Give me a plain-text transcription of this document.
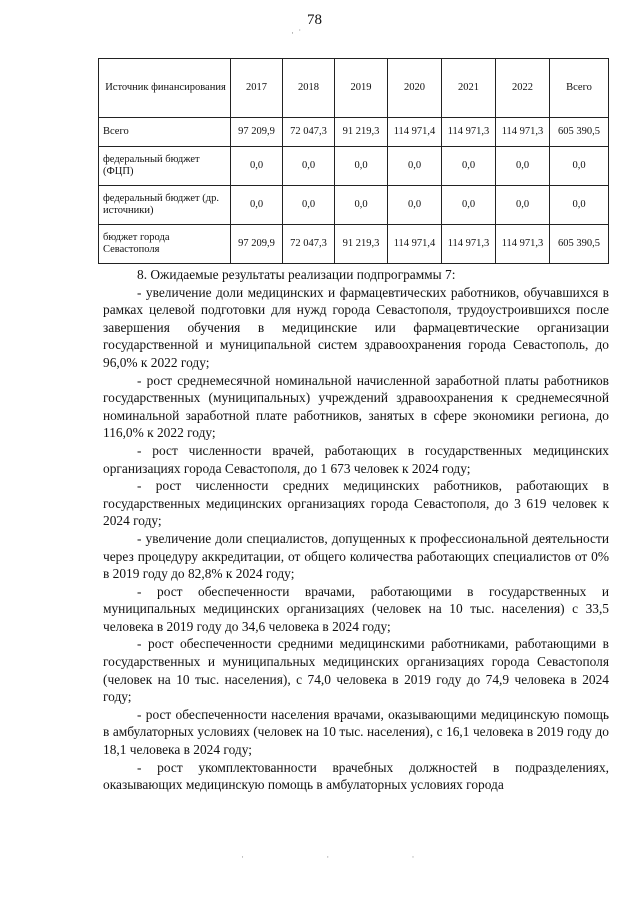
78
· ˙
Источник финансирования	2017	2018	2019	2020	2021	2022	Всего
Всего	97 209,9	72 047,3	91 219,3	114 971,4	114 971,3	114 971,3	605 390,5
федеральный бюджет (ФЦП)	0,0	0,0	0,0	0,0	0,0	0,0	0,0
федеральный бюджет (др. источники)	0,0	0,0	0,0	0,0	0,0	0,0	0,0
бюджет города Севастополя	97 209,9	72 047,3	91 219,3	114 971,4	114 971,3	114 971,3	605 390,5

8. Ожидаемые результаты реализации подпрограммы 7:

- увеличение доли медицинских и фармацевтических работников, обучавшихся в рамках целевой подготовки для нужд города Севастополя, трудоустроившихся после завершения обучения в медицинские или фармацевтические организации государственной и муниципальной систем здравоохранения города Севастополь, до 96,0% к 2022 году;

- рост среднемесячной номинальной начисленной заработной платы работников государственных (муниципальных) учреждений здравоохранения к среднемесячной номинальной заработной плате работников, занятых в сфере экономики региона, до 116,0% к 2022 году;

- рост численности врачей, работающих в государственных медицинских организациях города Севастополя, до 1 673 человек к 2024 году;

- рост численности средних медицинских работников, работающих в государственных медицинских организациях города Севастополя, до 3 619 человек к 2024 году;

- увеличение доли специалистов, допущенных к профессиональной деятельности через процедуру аккредитации, от общего количества работающих специалистов от 0% в 2019 году до 82,8% к 2024 году;

- рост обеспеченности врачами, работающими в государственных и муниципальных медицинских организациях (человек на 10 тыс. населения) с 33,5 человека в 2019 году до 34,6 человека в 2024 году;

- рост обеспеченности средними медицинскими работниками, работающими в государственных и муниципальных медицинских организациях города Севастополя (человек на 10 тыс. населения), с 74,0 человека в 2019 году до 74,9 человека в 2024 году;

- рост обеспеченности населения врачами, оказывающими медицинскую помощь в амбулаторных условиях (человек на 10 тыс. населения), с 16,1 человека в 2019 году до 18,1 человека в 2024 году;

- рост укомплектованности врачебных должностей в подразделениях, оказывающих медицинскую помощь в амбулаторных условиях города

· · ·
